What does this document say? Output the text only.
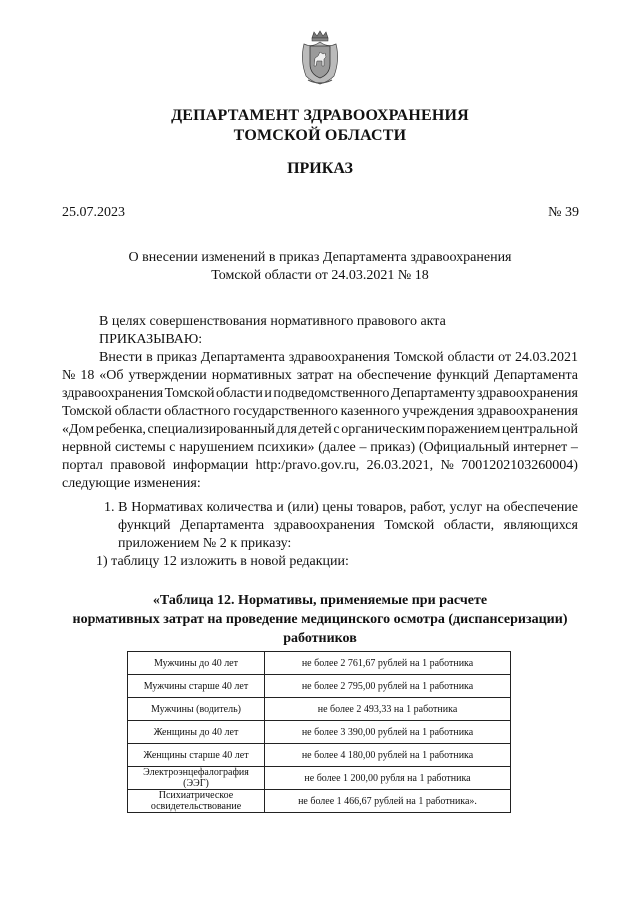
ДЕПАРТАМЕНТ ЗДРАВООХРАНЕНИЯ
ТОМСКОЙ ОБЛАСТИ
ПРИКАЗ
25.07.2023	№ 39
О внесении изменений в приказ Департамента здравоохранения
Томской области от 24.03.2021 № 18
В целях совершенствования нормативного правового акта
ПРИКАЗЫВАЮ:
Внести в приказ Департамента здравоохранения Томской области от 24.03.2021
№ 18 «Об утверждении нормативных затрат на обеспечение функций Департамента
здравоохранения Томской области и подведомственного Департаменту здравоохранения
Томской области областного государственного казенного учреждения здравоохранения
«Дом ребенка, специализированный для детей с органическим поражением центральной
нервной системы с нарушением психики» (далее – приказ) (Официальный интернет –
портал правовой информации http:/pravo.gov.ru, 26.03.2021, № 7001202103260004)
следующие
изменения:

1. В Нормативах количества и (или) цены товаров, работ, услуг на обеспечение
функций Департамента здравоохранения Томской области, являющихся
приложением
№
2
к
приказу:

1) таблицу 12 изложить в новой редакции:
«Таблица 12. Нормативы, применяемые при расчете
нормативных затрат на проведение медицинского осмотра (диспансеризации)
работников
Мужчины до 40 лет	не более 2 761,67 рублей на 1 работника
Мужчины старше 40 лет	не более 2 795,00 рублей на 1 работника
Мужчины (водитель)	не более 2 493,33 на 1 работника
Женщины до 40 лет	не более 3 390,00 рублей на 1 работника
Женщины старше 40 лет	не более 4 180,00 рублей на 1 работника
Электроэнцефалография (ЭЭГ)	не более 1 200,00 рубля на 1 работника
Психиатрическое освидетельствование	не более 1 466,67 рублей на 1 работника».
